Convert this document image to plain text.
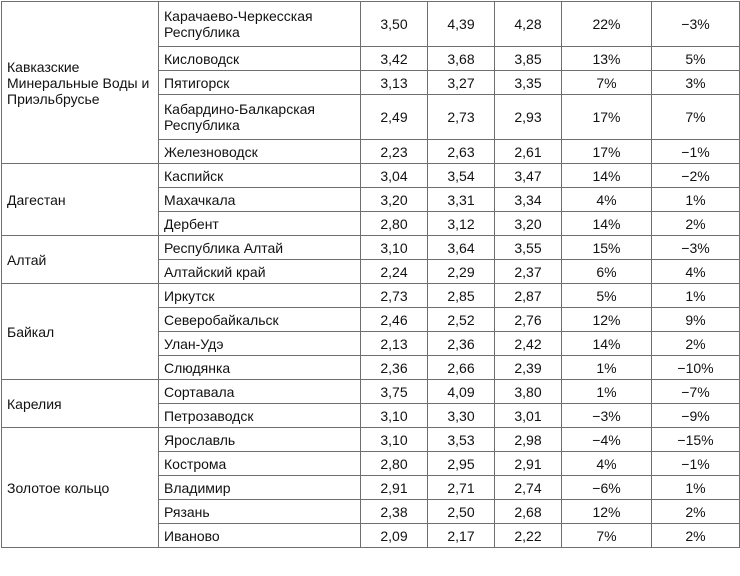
Кавказские Минеральные Воды и Приэльбрусье	Карачаево-Черкесская Республика	3,50	4,39	4,28	22%	−3%
	Кисловодск	3,42	3,68	3,85	13%	5%
	Пятигорск	3,13	3,27	3,35	7%	3%
	Кабардино-Балкарская Республика	2,49	2,73	2,93	17%	7%
	Железноводск	2,23	2,63	2,61	17%	−1%
Дагестан	Каспийск	3,04	3,54	3,47	14%	−2%
	Махачкала	3,20	3,31	3,34	4%	1%
	Дербент	2,80	3,12	3,20	14%	2%
Алтай	Республика Алтай	3,10	3,64	3,55	15%	−3%
	Алтайский край	2,24	2,29	2,37	6%	4%
Байкал	Иркутск	2,73	2,85	2,87	5%	1%
	Северобайкальск	2,46	2,52	2,76	12%	9%
	Улан-Удэ	2,13	2,36	2,42	14%	2%
	Слюдянка	2,36	2,66	2,39	1%	−10%
Карелия	Сортавала	3,75	4,09	3,80	1%	−7%
	Петрозаводск	3,10	3,30	3,01	−3%	−9%
Золотое кольцо	Ярославль	3,10	3,53	2,98	−4%	−15%
	Кострома	2,80	2,95	2,91	4%	−1%
	Владимир	2,91	2,71	2,74	−6%	1%
	Рязань	2,38	2,50	2,68	12%	2%
	Иваново	2,09	2,17	2,22	7%	2%
